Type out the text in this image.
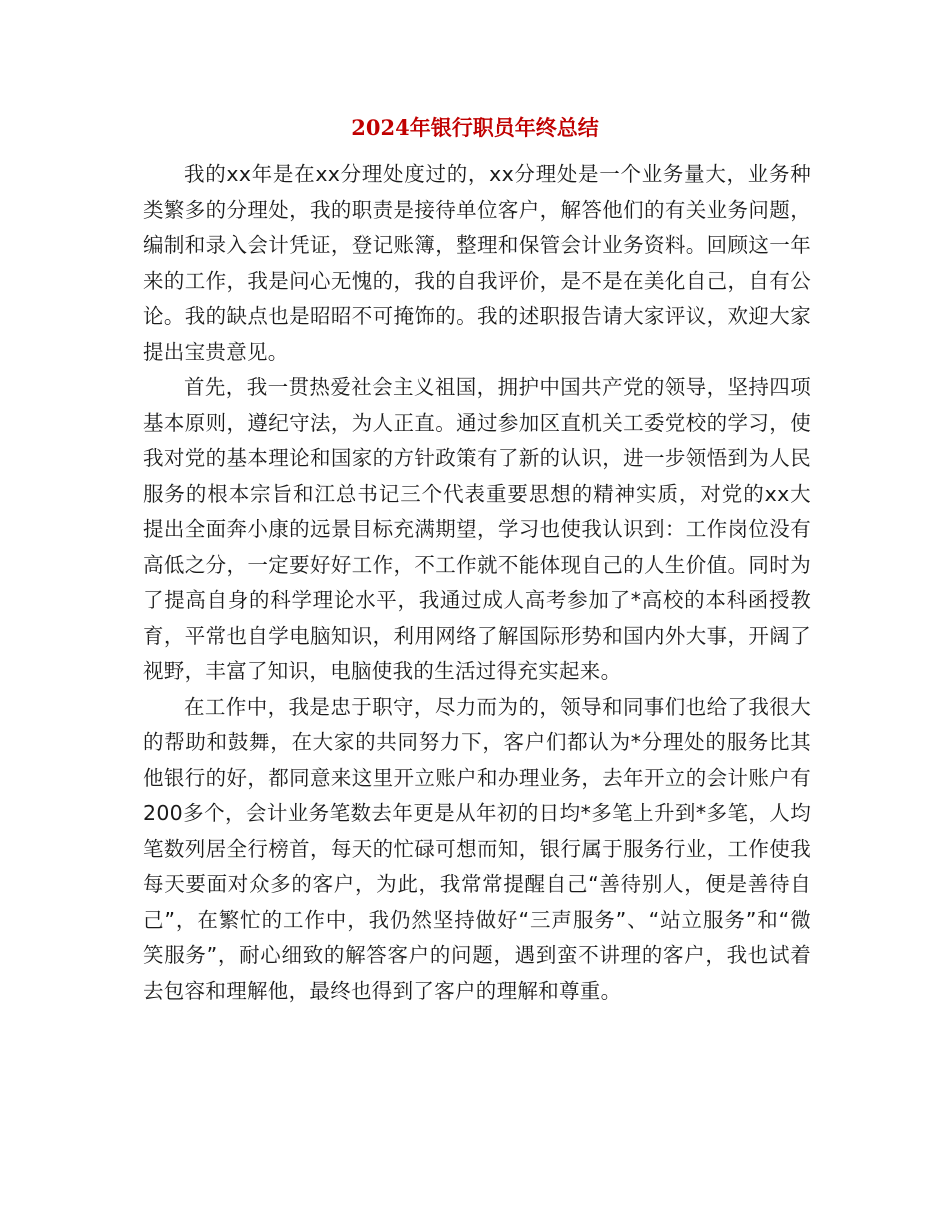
2024年银行职员年终总结

我的xx年是在xx分理处度过的，xx分理处是一个业务量大，业务种类繁多的分理处，我的职责是接待单位客户，解答他们的有关业务问题，编制和录入会计凭证，登记账簿，整理和保管会计业务资料。回顾这一年来的工作，我是问心无愧的，我的自我评价，是不是在美化自己，自有公论。我的缺点也是昭昭不可掩饰的。我的述职报告请大家评议，欢迎大家提出宝贵意见。

首先，我一贯热爱社会主义祖国，拥护中国共产党的领导，坚持四项基本原则，遵纪守法，为人正直。通过参加区直机关工委党校的学习，使我对党的基本理论和国家的方针政策有了新的认识，进一步领悟到为人民服务的根本宗旨和江总书记三个代表重要思想的精神实质，对党的xx大提出全面奔小康的远景目标充满期望，学习也使我认识到：工作岗位没有高低之分，一定要好好工作，不工作就不能体现自己的人生价值。同时为了提高自身的科学理论水平，我通过成人高考参加了*高校的本科函授教育，平常也自学电脑知识，利用网络了解国际形势和国内外大事，开阔了视野，丰富了知识，电脑使我的生活过得充实起来。

在工作中，我是忠于职守，尽力而为的，领导和同事们也给了我很大的帮助和鼓舞，在大家的共同努力下，客户们都认为*分理处的服务比其他银行的好，都同意来这里开立账户和办理业务，去年开立的会计账户有200多个，会计业务笔数去年更是从年初的日均*多笔上升到*多笔，人均笔数列居全行榜首，每天的忙碌可想而知，银行属于服务行业，工作使我每天要面对众多的客户，为此，我常常提醒自己“善待别人，便是善待自己”，在繁忙的工作中，我仍然坚持做好“三声服务”、“站立服务”和“微笑服务”，耐心细致的解答客户的问题，遇到蛮不讲理的客户，我也试着去包容和理解他，最终也得到了客户的理解和尊重。
